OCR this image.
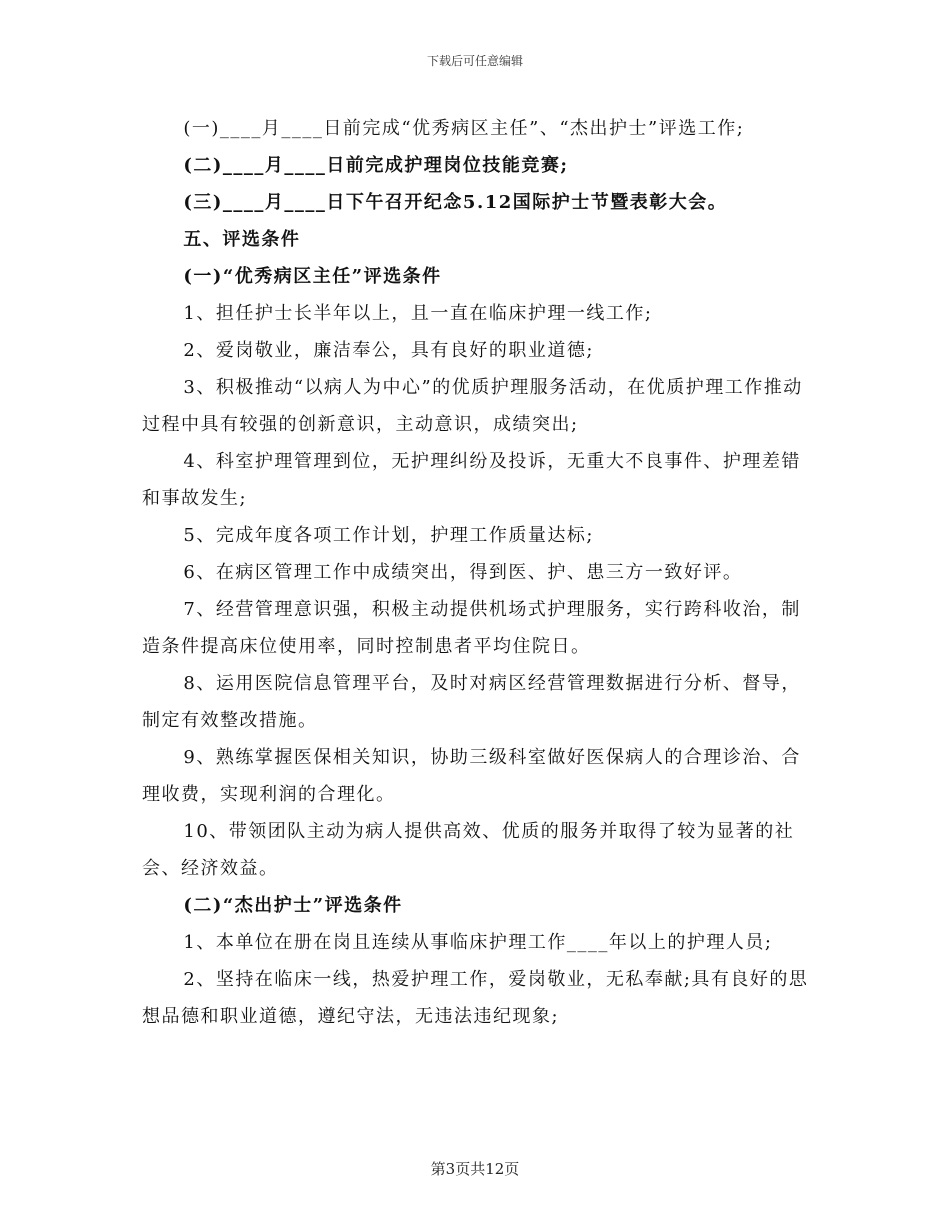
下载后可任意编辑

(一)____月____日前完成“优秀病区主任”、“杰出护士”评选工作;

(二)____月____日前完成护理岗位技能竞赛;

(三)____月____日下午召开纪念5.12国际护士节暨表彰大会。

五、评选条件

(一)“优秀病区主任”评选条件

1、担任护士长半年以上，且一直在临床护理一线工作;

2、爱岗敬业，廉洁奉公，具有良好的职业道德;

3、积极推动“以病人为中心”的优质护理服务活动，在优质护理工作推动过程中具有较强的创新意识，主动意识，成绩突出;

4、科室护理管理到位，无护理纠纷及投诉，无重大不良事件、护理差错和事故发生;

5、完成年度各项工作计划，护理工作质量达标;

6、在病区管理工作中成绩突出，得到医、护、患三方一致好评。

7、经营管理意识强，积极主动提供机场式护理服务，实行跨科收治，制造条件提高床位使用率，同时控制患者平均住院日。

8、运用医院信息管理平台，及时对病区经营管理数据进行分析、督导，制定有效整改措施。

9、熟练掌握医保相关知识，协助三级科室做好医保病人的合理诊治、合理收费，实现利润的合理化。

10、带领团队主动为病人提供高效、优质的服务并取得了较为显著的社会、经济效益。

(二)“杰出护士”评选条件

1、本单位在册在岗且连续从事临床护理工作____年以上的护理人员;

2、坚持在临床一线，热爱护理工作，爱岗敬业，无私奉献;具有良好的思想品德和职业道德，遵纪守法，无违法违纪现象;

第3页共12页
